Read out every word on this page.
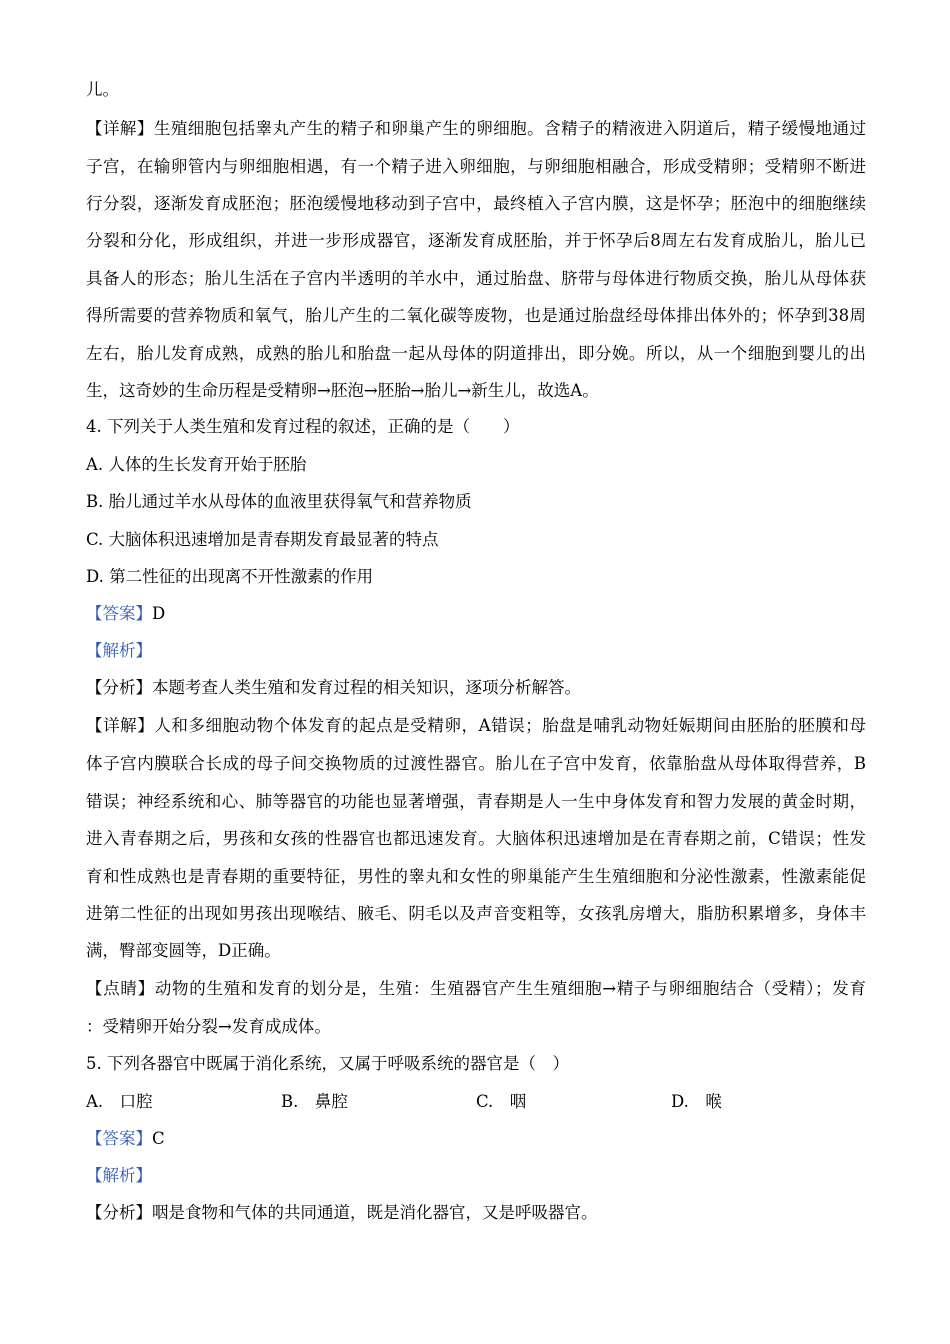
儿。
【详解】生殖细胞包括睾丸产生的精子和卵巢产生的卵细胞。含精子的精液进入阴道后，精子缓慢地通过
子宫，在输卵管内与卵细胞相遇，有一个精子进入卵细胞，与卵细胞相融合，形成受精卵；受精卵不断进
行分裂，逐渐发育成胚泡；胚泡缓慢地移动到子宫中，最终植入子宫内膜，这是怀孕；胚泡中的细胞继续
分裂和分化，形成组织，并进一步形成器官，逐渐发育成胚胎，并于怀孕后8周左右发育成胎儿，胎儿已
具备人的形态；胎儿生活在子宫内半透明的羊水中，通过胎盘、脐带与母体进行物质交换，胎儿从母体获
得所需要的营养物质和氧气，胎儿产生的二氧化碳等废物，也是通过胎盘经母体排出体外的；怀孕到38周
左右，胎儿发育成熟，成熟的胎儿和胎盘一起从母体的阴道排出，即分娩。所以，从一个细胞到婴儿的出
生，这奇妙的生命历程是受精卵→胚泡→胚胎→胎儿→新生儿，故选A。
4. 下列关于人类生殖和发育过程的叙述，正确的是（　　）
A. 人体的生长发育开始于胚胎
B. 胎儿通过羊水从母体的血液里获得氧气和营养物质
C. 大脑体积迅速增加是青春期发育最显著的特点
D. 第二性征的出现离不开性激素的作用
【答案】D
【解析】
【分析】本题考查人类生殖和发育过程的相关知识，逐项分析解答。
【详解】人和多细胞动物个体发育的起点是受精卵，A错误；胎盘是哺乳动物妊娠期间由胚胎的胚膜和母
体子宫内膜联合长成的母子间交换物质的过渡性器官。胎儿在子宫中发育，依靠胎盘从母体取得营养，B
错误；神经系统和心、肺等器官的功能也显著增强，青春期是人一生中身体发育和智力发展的黄金时期，
进入青春期之后，男孩和女孩的性器官也都迅速发育。大脑体积迅速增加是在青春期之前，C错误；性发
育和性成熟也是青春期的重要特征，男性的睾丸和女性的卵巢能产生生殖细胞和分泌性激素，性激素能促
进第二性征的出现如男孩出现喉结、腋毛、阴毛以及声音变粗等，女孩乳房增大，脂肪积累增多，身体丰
满，臀部变圆等，D正确。
【点睛】动物的生殖和发育的划分是，生殖：生殖器官产生生殖细胞→精子与卵细胞结合（受精）；发育
：受精卵开始分裂→发育成成体。
5. 下列各器官中既属于消化系统，又属于呼吸系统的器官是（　）
A.　口腔	B.　鼻腔	C.　咽	D.　喉
【答案】C
【解析】
【分析】咽是食物和气体的共同通道，既是消化器官，又是呼吸器官。
